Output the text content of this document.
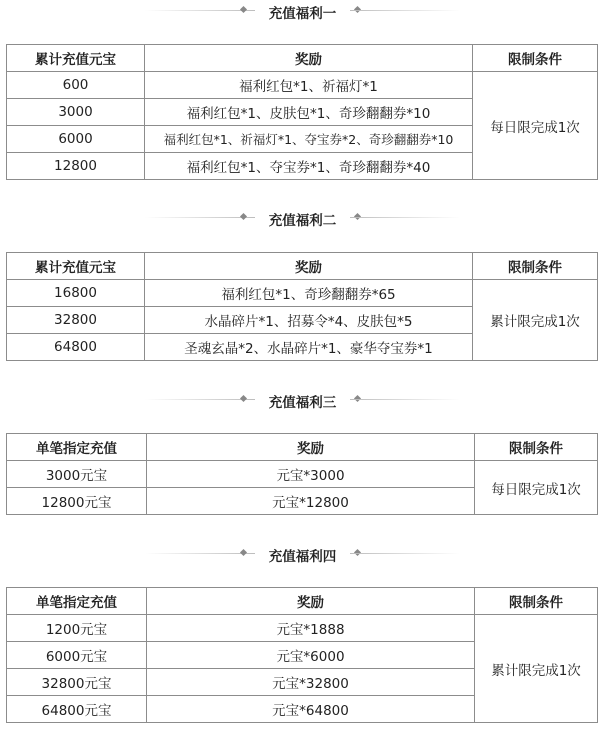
充值福利一
累计充值元宝	奖励	限制条件
600	福利红包*1、祈福灯*1	每日限完成1次
3000	福利红包*1、皮肤包*1、奇珍翻翻券*10	
6000	福利红包*1、祈福灯*1、夺宝券*2、奇珍翻翻券*10	
12800	福利红包*1、夺宝券*1、奇珍翻翻券*40	
充值福利二
累计充值元宝	奖励	限制条件
16800	福利红包*1、奇珍翻翻券*65	累计限完成1次
32800	水晶碎片*1、招募令*4、皮肤包*5	
64800	圣魂玄晶*2、水晶碎片*1、豪华夺宝券*1	
充值福利三
单笔指定充值	奖励	限制条件
3000元宝	元宝*3000	每日限完成1次
12800元宝	元宝*12800	
充值福利四
单笔指定充值	奖励	限制条件
1200元宝	元宝*1888	累计限完成1次
6000元宝	元宝*6000	
32800元宝	元宝*32800	
64800元宝	元宝*64800	
